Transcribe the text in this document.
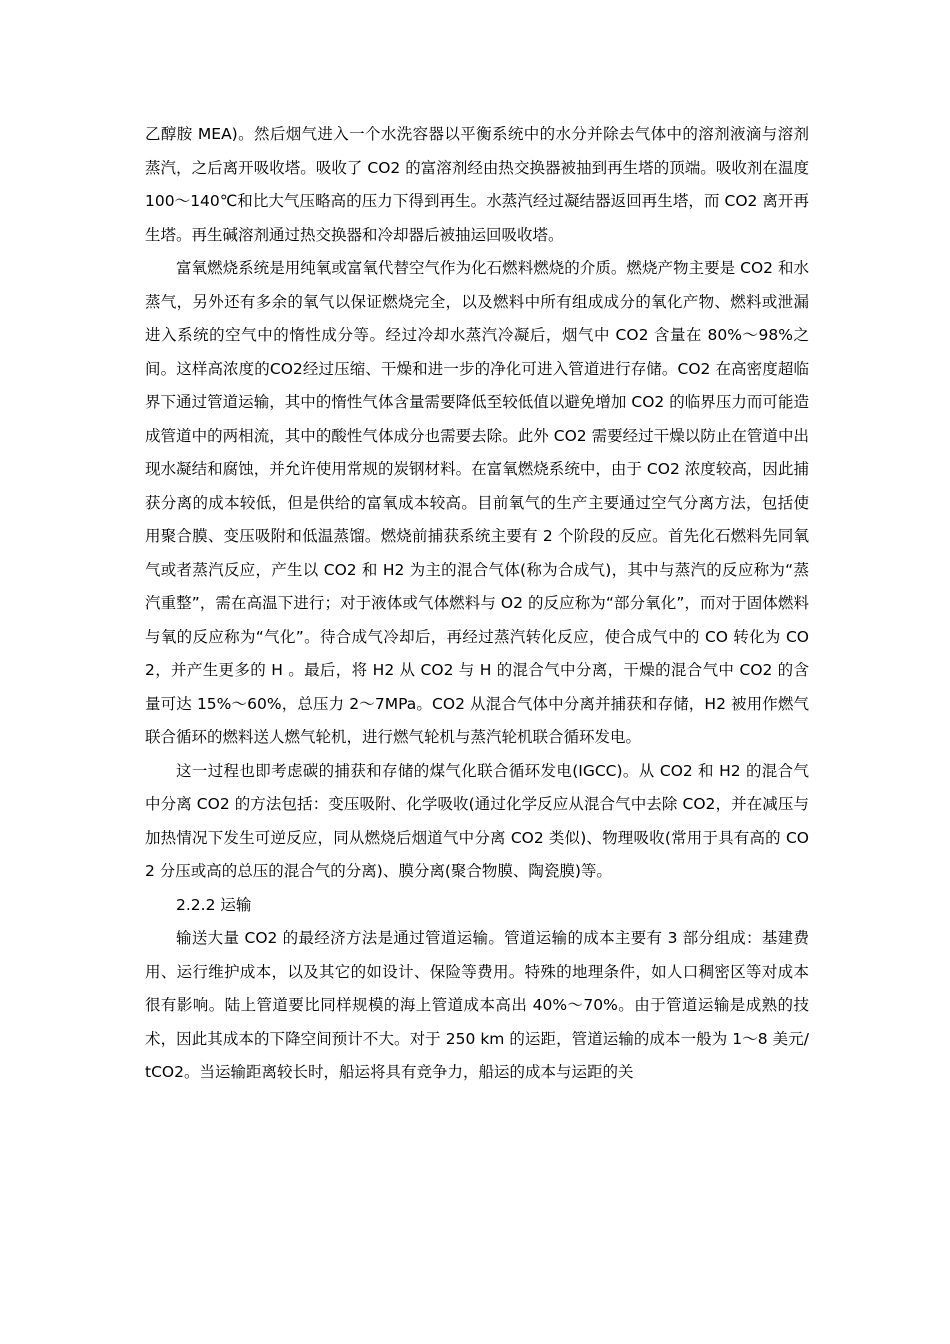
乙醇胺 MEA)。然后烟气进入一个水洗容器以平衡系统中的水分并除去气体中的溶剂液滴与溶剂蒸汽，之后离开吸收塔。吸收了 CO2 的富溶剂经由热交换器被抽到再生塔的顶端。吸收剂在温度 100～140℃和比大气压略高的压力下得到再生。水蒸汽经过凝结器返回再生塔，而 CO2 离开再生塔。再生碱溶剂通过热交换器和冷却器后被抽运回吸收塔。

富氧燃烧系统是用纯氧或富氧代替空气作为化石燃料燃烧的介质。燃烧产物主要是 CO2 和水蒸气，另外还有多余的氧气以保证燃烧完全，以及燃料中所有组成成分的氧化产物、燃料或泄漏进入系统的空气中的惰性成分等。经过冷却水蒸汽冷凝后，烟气中 CO2 含量在 80%～98%之间。这样高浓度的CO2经过压缩、干燥和进一步的净化可进入管道进行存储。CO2 在高密度超临界下通过管道运输，其中的惰性气体含量需要降低至较低值以避免增加 CO2 的临界压力而可能造成管道中的两相流，其中的酸性气体成分也需要去除。此外 CO2 需要经过干燥以防止在管道中出现水凝结和腐蚀，并允许使用常规的炭钢材料。在富氧燃烧系统中，由于 CO2 浓度较高，因此捕获分离的成本较低，但是供给的富氧成本较高。目前氧气的生产主要通过空气分离方法，包括使用聚合膜、变压吸附和低温蒸馏。燃烧前捕获系统主要有 2 个阶段的反应。首先化石燃料先同氧气或者蒸汽反应，产生以 CO2 和 H2 为主的混合气体(称为合成气)，其中与蒸汽的反应称为“蒸汽重整”，需在高温下进行；对于液体或气体燃料与 O2 的反应称为“部分氧化”，而对于固体燃料与氧的反应称为“气化”。待合成气冷却后，再经过蒸汽转化反应，使合成气中的 CO 转化为 CO2，并产生更多的 H 。最后，将 H2 从 CO2 与 H 的混合气中分离，干燥的混合气中 CO2 的含量可达 15%～60%，总压力 2～7MPa。CO2 从混合气体中分离并捕获和存储，H2 被用作燃气联合循环的燃料送人燃气轮机，进行燃气轮机与蒸汽轮机联合循环发电。

这一过程也即考虑碳的捕获和存储的煤气化联合循环发电(IGCC)。从 CO2 和 H2 的混合气中分离 CO2 的方法包括：变压吸附、化学吸收(通过化学反应从混合气中去除 CO2，并在减压与加热情况下发生可逆反应，同从燃烧后烟道气中分离 CO2 类似)、物理吸收(常用于具有高的 CO2 分压或高的总压的混合气的分离)、膜分离(聚合物膜、陶瓷膜)等。

2.2.2 运输

输送大量 CO2 的最经济方法是通过管道运输。管道运输的成本主要有 3 部分组成：基建费用、运行维护成本，以及其它的如设计、保险等费用。特殊的地理条件，如人口稠密区等对成本很有影响。陆上管道要比同样规模的海上管道成本高出 40%～70%。由于管道运输是成熟的技术，因此其成本的下降空间预计不大。对于 250 km 的运距，管道运输的成本一般为 1～8 美元/tCO2。当运输距离较长时，船运将具有竞争力，船运的成本与运距的关
